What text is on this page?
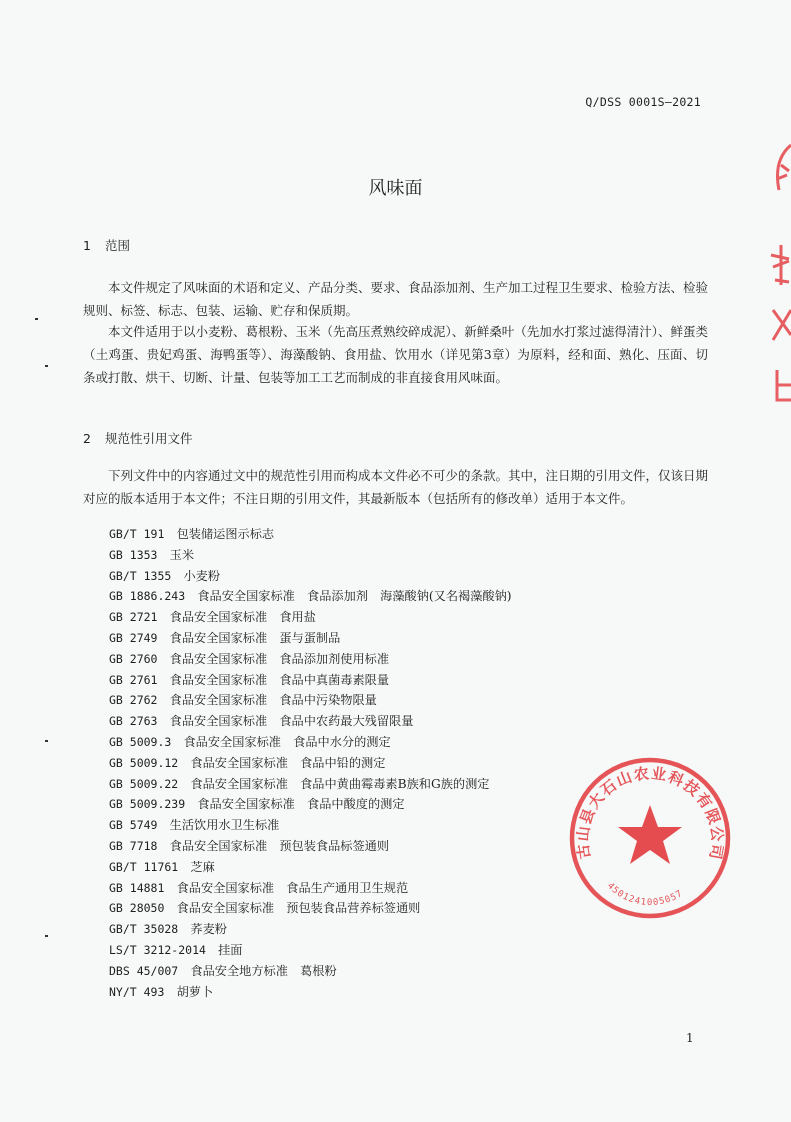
Q/DSS 0001S—2021
风味面
1 范围

本文件规定了风味面的术语和定义、产品分类、要求、食品添加剂、生产加工过程卫生要求、检验方法、检验规则、标签、标志、包装、运输、贮存和保质期。

本文件适用于以小麦粉、葛根粉、玉米（先高压煮熟绞碎成泥）、新鲜桑叶（先加水打浆过滤得清汁）、鲜蛋类（土鸡蛋、贵妃鸡蛋、海鸭蛋等）、海藻酸钠、食用盐、饮用水（详见第3章）为原料，经和面、熟化、压面、切条或打散、烘干、切断、计量、包装等加工工艺而制成的非直接食用风味面。

2 规范性引用文件

下列文件中的内容通过文中的规范性引用而构成本文件必不可少的条款。其中，注日期的引用文件，仅该日期对应的版本适用于本文件；不注日期的引用文件，其最新版本（包括所有的修改单）适用于本文件。

GB/T 191　 包装储运图示标志
GB 1353　 玉米
GB/T 1355　 小麦粉
GB 1886.243　 食品安全国家标准　食品添加剂　海藻酸钠(又名褐藻酸钠)
GB 2721　 食品安全国家标准　食用盐
GB 2749　 食品安全国家标准　蛋与蛋制品
GB 2760　 食品安全国家标准　食品添加剂使用标准
GB 2761　 食品安全国家标准　食品中真菌毒素限量
GB 2762　 食品安全国家标准　食品中污染物限量
GB 2763　 食品安全国家标准　食品中农药最大残留限量
GB 5009.3　 食品安全国家标准　食品中水分的测定
GB 5009.12　 食品安全国家标准　食品中铅的测定
GB 5009.22　 食品安全国家标准　食品中黄曲霉毒素B族和G族的测定
GB 5009.239　 食品安全国家标准　食品中酸度的测定
GB 5749　 生活饮用水卫生标准
GB 7718　 食品安全国家标准　预包装食品标签通则
GB/T 11761　 芝麻
GB 14881　 食品安全国家标准　食品生产通用卫生规范
GB 28050　 食品安全国家标准　预包装食品营养标签通则
GB/T 35028　 荞麦粉
LS/T 3212-2014　 挂面
DBS 45/007　 食品安全地方标准　葛根粉
NY/T 493　 胡萝卜
1
古山县大石山农业科技有限公司
4501241005057
